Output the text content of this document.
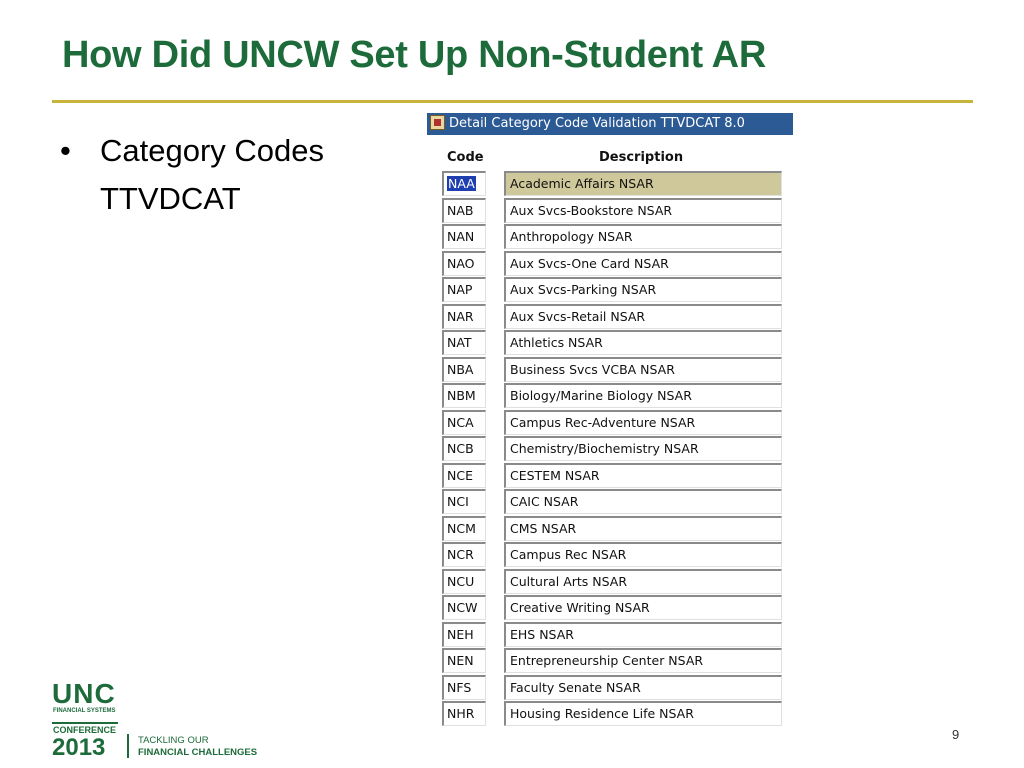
How Did UNCW Set Up Non-Student AR
• Category Codes
TTVDCAT
Detail Category Code Validation TTVDCAT 8.0
Code	Description
NAA	Academic Affairs NSAR
NAB	Aux Svcs-Bookstore NSAR
NAN	Anthropology NSAR
NAO	Aux Svcs-One Card NSAR
NAP	Aux Svcs-Parking NSAR
NAR	Aux Svcs-Retail NSAR
NAT	Athletics NSAR
NBA	Business Svcs VCBA NSAR
NBM	Biology/Marine Biology NSAR
NCA	Campus Rec-Adventure NSAR
NCB	Chemistry/Biochemistry NSAR
NCE	CESTEM NSAR
NCI	CAIC NSAR
NCM	CMS NSAR
NCR	Campus Rec NSAR
NCU	Cultural Arts NSAR
NCW	Creative Writing NSAR
NEH	EHS NSAR
NEN	Entrepreneurship Center NSAR
NFS	Faculty Senate NSAR
NHR	Housing Residence Life NSAR
UNC
FINANCIAL SYSTEMS
CONFERENCE
2013	TACKLING OUR
FINANCIAL CHALLENGES
9
